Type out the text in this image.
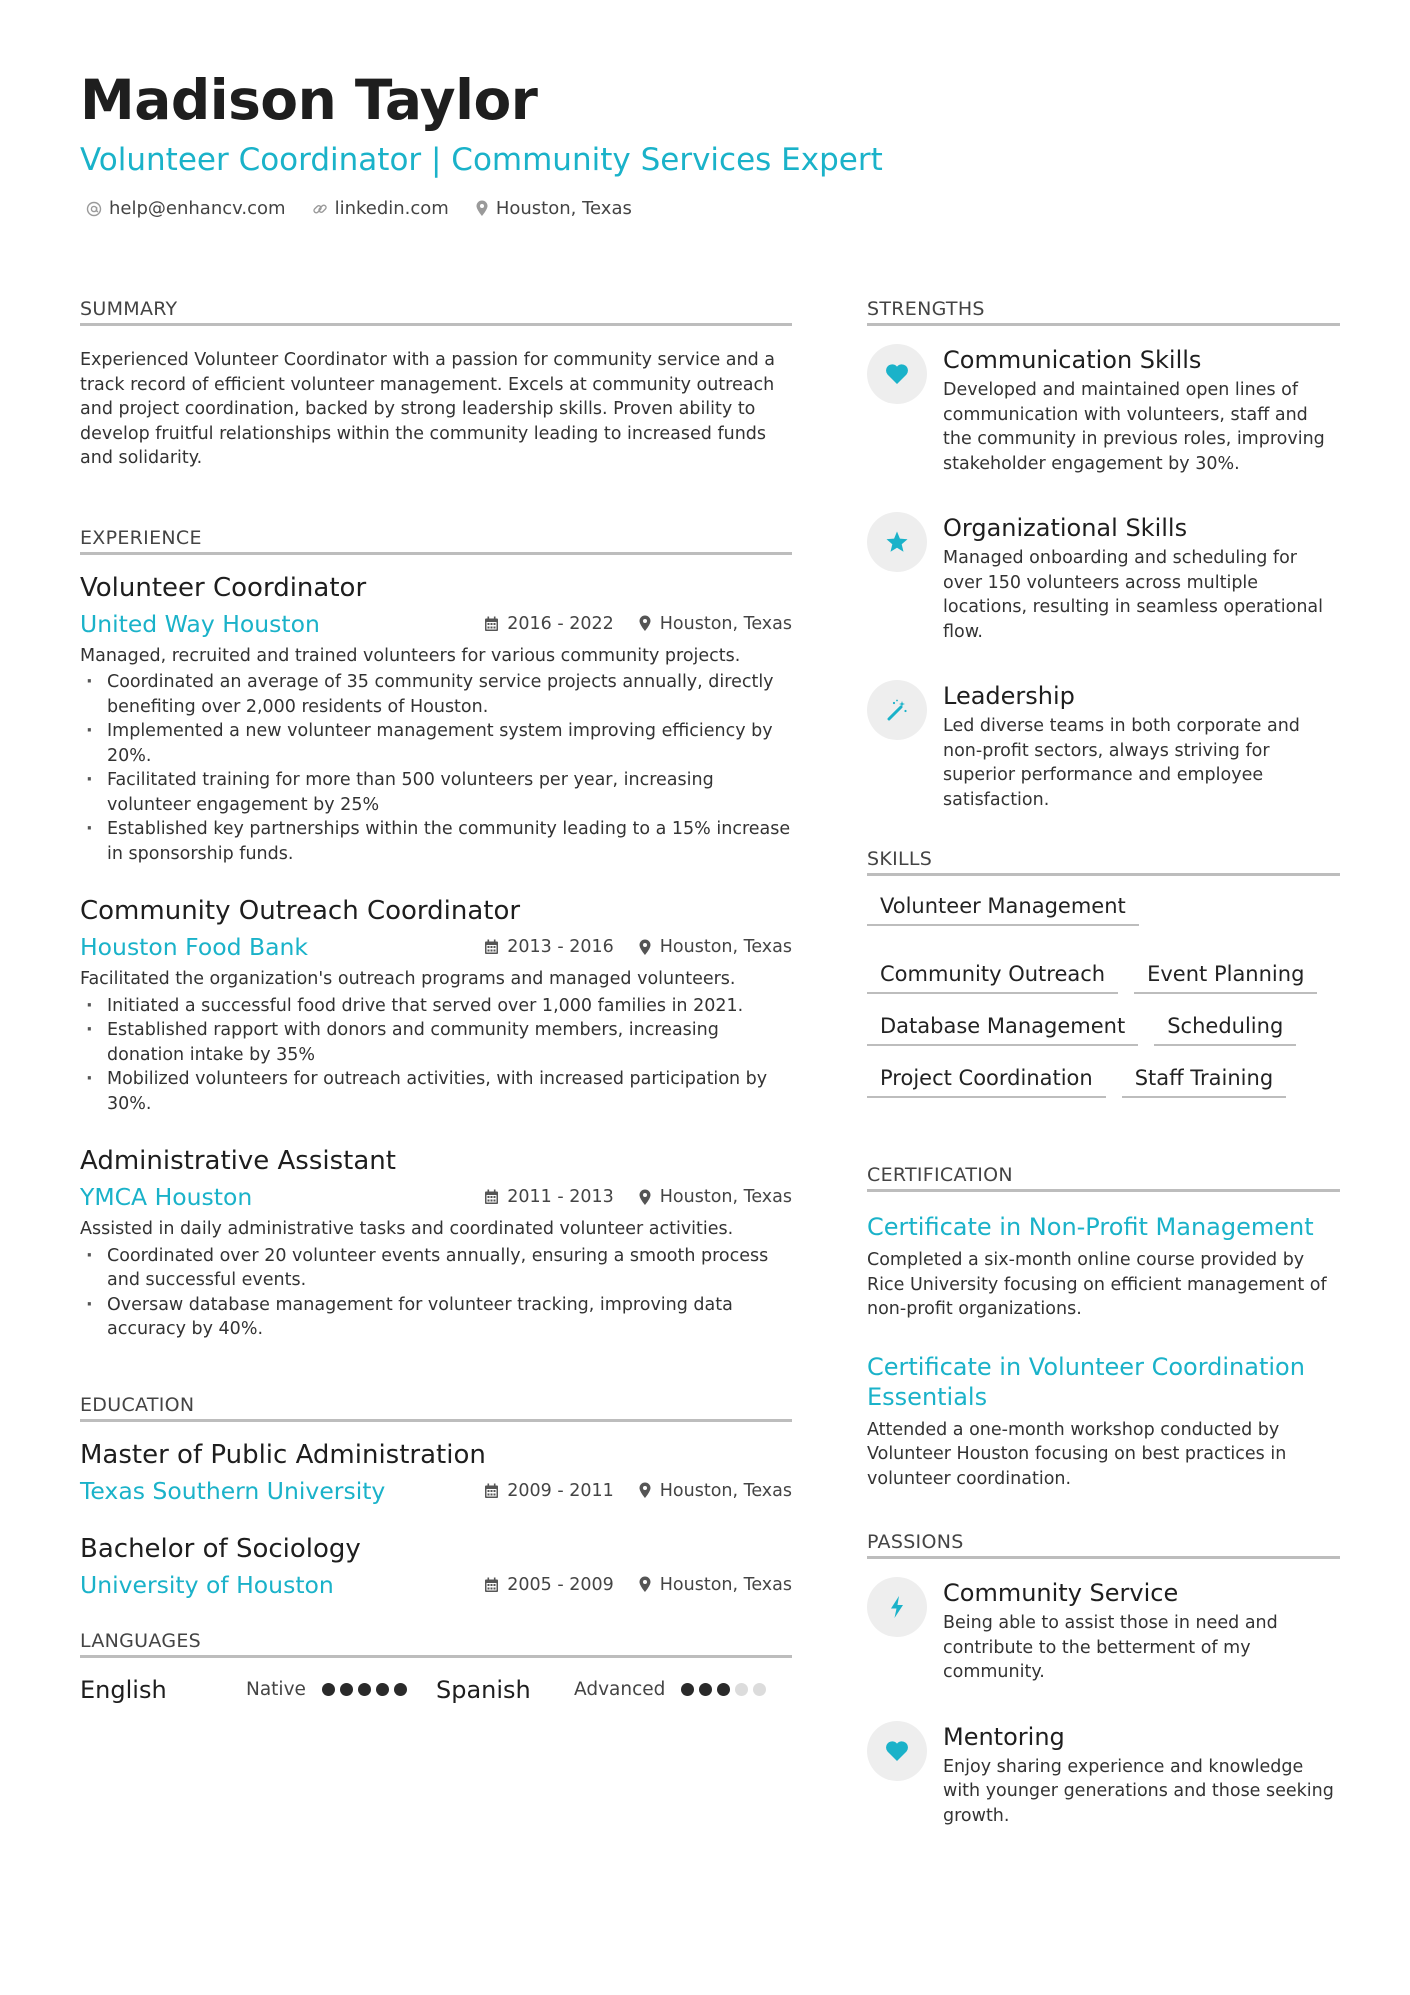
Madison Taylor
Volunteer Coordinator | Community Services Expert
help@enhancv.com	linkedin.com	Houston, Texas
SUMMARY
Experienced Volunteer Coordinator with a passion for community service and a track record of efficient volunteer management. Excels at community outreach and project coordination, backed by strong leadership skills. Proven ability to develop fruitful relationships within the community leading to increased funds and solidarity.
EXPERIENCE
Volunteer Coordinator
United Way Houston	2016 - 2022	Houston, Texas
Managed, recruited and trained volunteers for various community projects.
· Coordinated an average of 35 community service projects annually, directly benefiting over 2,000 residents of Houston.
· Implemented a new volunteer management system improving efficiency by 20%.
· Facilitated training for more than 500 volunteers per year, increasing volunteer engagement by 25%
· Established key partnerships within the community leading to a 15% increase in sponsorship funds.
Community Outreach Coordinator
Houston Food Bank	2013 - 2016	Houston, Texas
Facilitated the organization's outreach programs and managed volunteers.
· Initiated a successful food drive that served over 1,000 families in 2021.
· Established rapport with donors and community members, increasing donation intake by 35%
· Mobilized volunteers for outreach activities, with increased participation by 30%.
Administrative Assistant
YMCA Houston	2011 - 2013	Houston, Texas
Assisted in daily administrative tasks and coordinated volunteer activities.
· Coordinated over 20 volunteer events annually, ensuring a smooth process and successful events.
· Oversaw database management for volunteer tracking, improving data accuracy by 40%.
EDUCATION
Master of Public Administration
Texas Southern University	2009 - 2011	Houston, Texas
Bachelor of Sociology
University of Houston	2005 - 2009	Houston, Texas
LANGUAGES
English	Native	Spanish	Advanced
STRENGTHS
Communication Skills
Developed and maintained open lines of communication with volunteers, staff and the community in previous roles, improving stakeholder engagement by 30%.
Organizational Skills
Managed onboarding and scheduling for over 150 volunteers across multiple locations, resulting in seamless operational flow.
Leadership
Led diverse teams in both corporate and non-profit sectors, always striving for superior performance and employee satisfaction.
SKILLS
Volunteer Management
Community Outreach	Event Planning
Database Management	Scheduling
Project Coordination	Staff Training
CERTIFICATION
Certificate in Non-Profit Management
Completed a six-month online course provided by Rice University focusing on efficient management of non-profit organizations.
Certificate in Volunteer Coordination Essentials
Attended a one-month workshop conducted by Volunteer Houston focusing on best practices in volunteer coordination.
PASSIONS
Community Service
Being able to assist those in need and contribute to the betterment of my community.
Mentoring
Enjoy sharing experience and knowledge with younger generations and those seeking growth.
